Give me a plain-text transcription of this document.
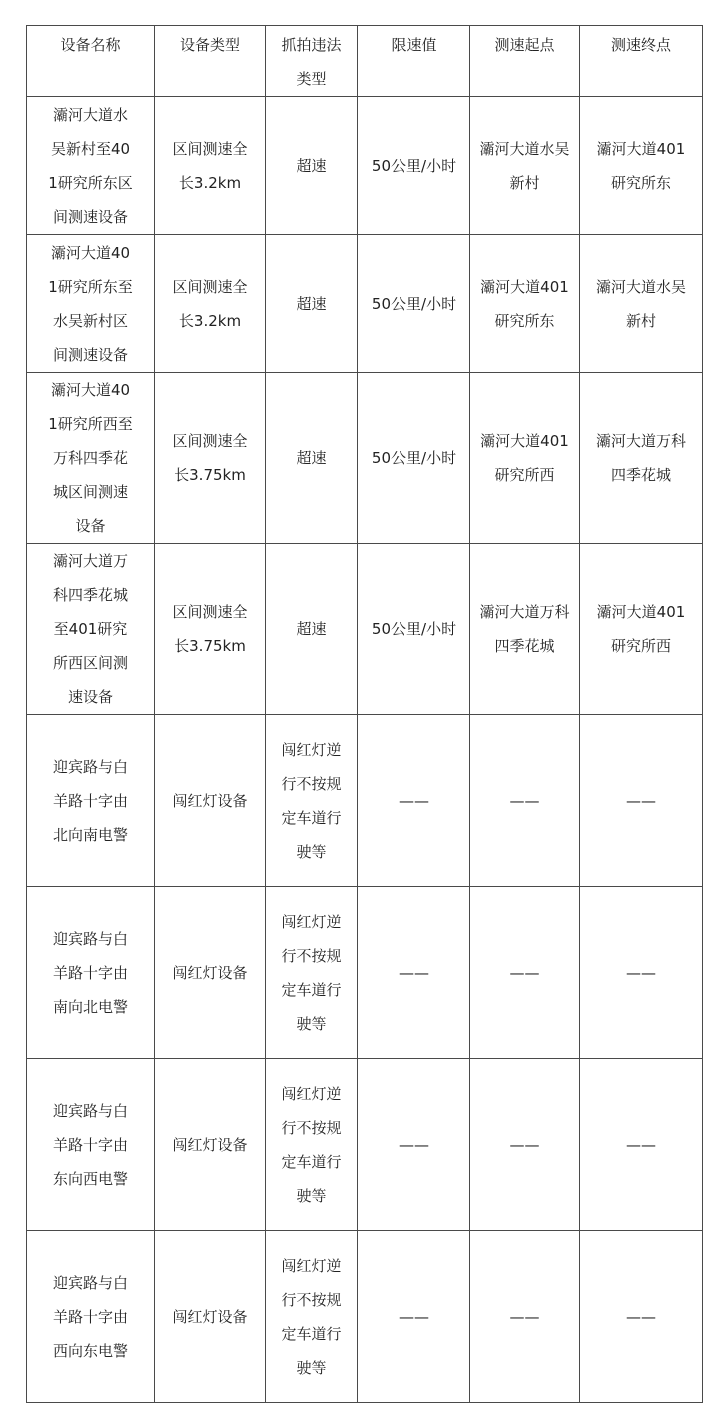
设备名称	设备类型	抓拍违法类型	限速值	测速起点	测速终点

灞河大道水吴新村至401研究所东区间测速设备	区间测速全长3.2km	超速	50公里/小时	灞河大道水吴新村	灞河大道401研究所东

灞河大道401研究所东至水吴新村区间测速设备	区间测速全长3.2km	超速	50公里/小时	灞河大道401研究所东	灞河大道水吴新村

灞河大道401研究所西至万科四季花城区间测速设备	区间测速全长3.75km	超速	50公里/小时	灞河大道401研究所西	灞河大道万科四季花城

灞河大道万科四季花城至401研究所西区间测速设备	区间测速全长3.75km	超速	50公里/小时	灞河大道万科四季花城	灞河大道401研究所西

迎宾路与白羊路十字由北向南电警	闯红灯设备	闯红灯逆行不按规定车道行驶等	——	——	——

迎宾路与白羊路十字由南向北电警	闯红灯设备	闯红灯逆行不按规定车道行驶等	——	——	——

迎宾路与白羊路十字由东向西电警	闯红灯设备	闯红灯逆行不按规定车道行驶等	——	——	——

迎宾路与白羊路十字由西向东电警	闯红灯设备	闯红灯逆行不按规定车道行驶等	——	——	——
